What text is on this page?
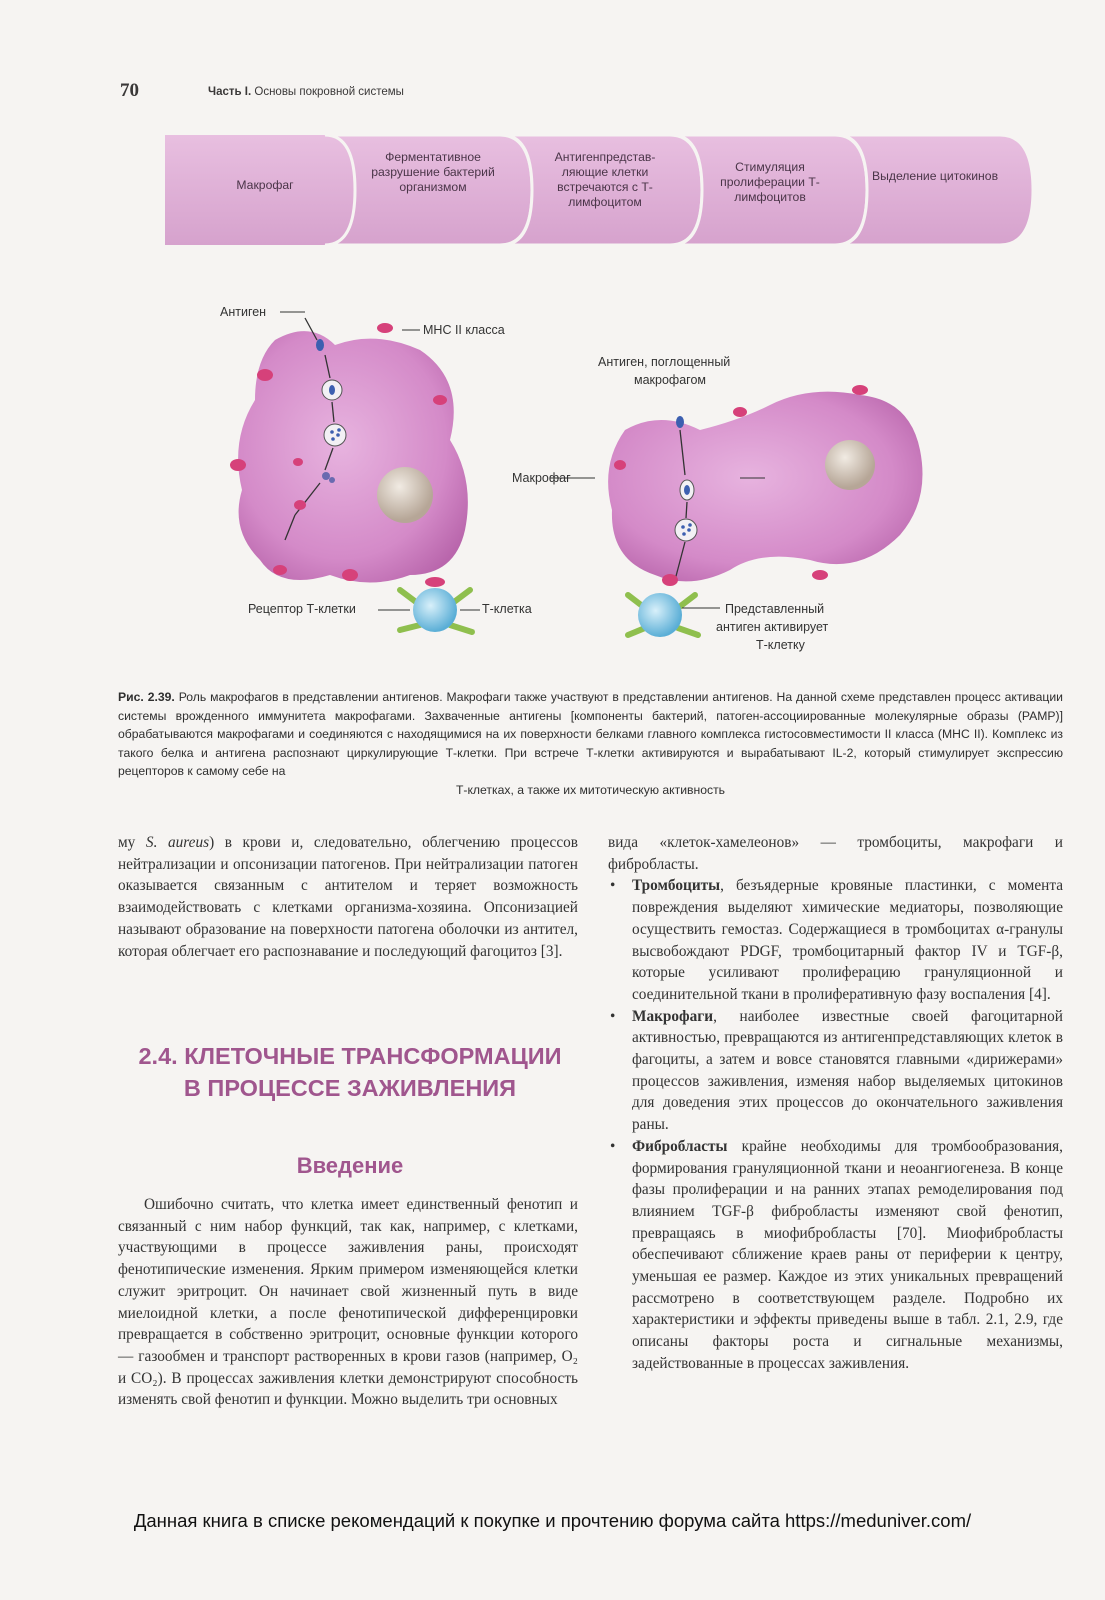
70	Часть I. Основы покровной системы
Макрофаг
Ферментативное разрушение бактерий организмом
Антигенпредстав-ляющие клетки встречаются с Т-лимфоцитом
Стимуляция пролиферации Т-лимфоцитов
Выделение цитокинов
Антиген
МНС II класса
Антиген, поглощенный
макрофагом
Макрофаг
Рецептор Т-клетки	Т-клетка	Представленный
антиген активирует
Т-клетку
Рис. 2.39. Роль макрофагов в представлении антигенов. Макрофаги также участвуют в представлении антигенов. На данной схеме представлен процесс активации системы врожденного иммунитета макрофагами. Захваченные антигены [компоненты бактерий, патоген-ассоциированные молекулярные образы (PAMP)] обрабатываются макрофагами и соединяются с находящимися на их поверхности белками главного комплекса гистосовместимости II класса (MHC II). Комплекс из такого белка и антигена распознают циркулирующие Т-клетки. При встрече Т-клетки активируются и вырабатывают IL-2, который стимулирует экспрессию рецепторов к самому себе на
Т-клетках, а также их митотическую активность

му S. aureus) в крови и, следовательно, облегчению процессов нейтрализации и опсонизации патогенов. При нейтрализации патоген оказывается связанным с антителом и теряет возможность взаимодействовать с клетками организма-хозяина. Опсонизацией называют образование на поверхности патогена оболочки из антител, которая облегчает его распознавание и последующий фагоцитоз [3].

2.4. КЛЕТОЧНЫЕ ТРАНСФОРМАЦИИ В ПРОЦЕССЕ ЗАЖИВЛЕНИЯ
Введение

Ошибочно считать, что клетка имеет единственный фенотип и связанный с ним набор функций, так как, например, с клетками, участвующими в процессе заживления раны, происходят фенотипические изменения. Ярким примером изменяющейся клетки служит эритроцит. Он начинает свой жизненный путь в виде миелоидной клетки, а после фенотипической дифференцировки превращается в собственно эритроцит, основные функции которого — газообмен и транспорт растворенных в крови газов (например, O₂ и CO₂). В процессах заживления клетки демонстрируют способность изменять свой фенотип и функции. Можно выделить три основных

вида «клеток-хамелеонов» — тромбоциты, макрофаги и фибробласты.

• Тромбоциты, безъядерные кровяные пластинки, с момента повреждения выделяют химические медиаторы, позволяющие осуществить гемостаз. Содержащиеся в тромбоцитах α-гранулы высвобождают PDGF, тромбоцитарный фактор IV и TGF-β, которые усиливают пролиферацию грануляционной и соединительной ткани в пролиферативную фазу воспаления [4].
• Макрофаги, наиболее известные своей фагоцитарной активностью, превращаются из антигенпредставляющих клеток в фагоциты, а затем и вовсе становятся главными «дирижерами» процессов заживления, изменяя набор выделяемых цитокинов для доведения этих процессов до окончательного заживления раны.
• Фибробласты крайне необходимы для тромбообразования, формирования грануляционной ткани и неоангиогенеза. В конце фазы пролиферации и на ранних этапах ремоделирования под влиянием TGF-β фибробласты изменяют свой фенотип, превращаясь в миофибробласты [70]. Миофибробласты обеспечивают сближение краев раны от периферии к центру, уменьшая ее размер. Каждое из этих уникальных превращений рассмотрено в соответствующем разделе. Подробно их характеристики и эффекты приведены выше в табл. 2.1, 2.9, где описаны факторы роста и сигнальные механизмы, задействованные в процессах заживления.
Данная книга в списке рекомендаций к покупке и прочтению форума сайта https://meduniver.com/
